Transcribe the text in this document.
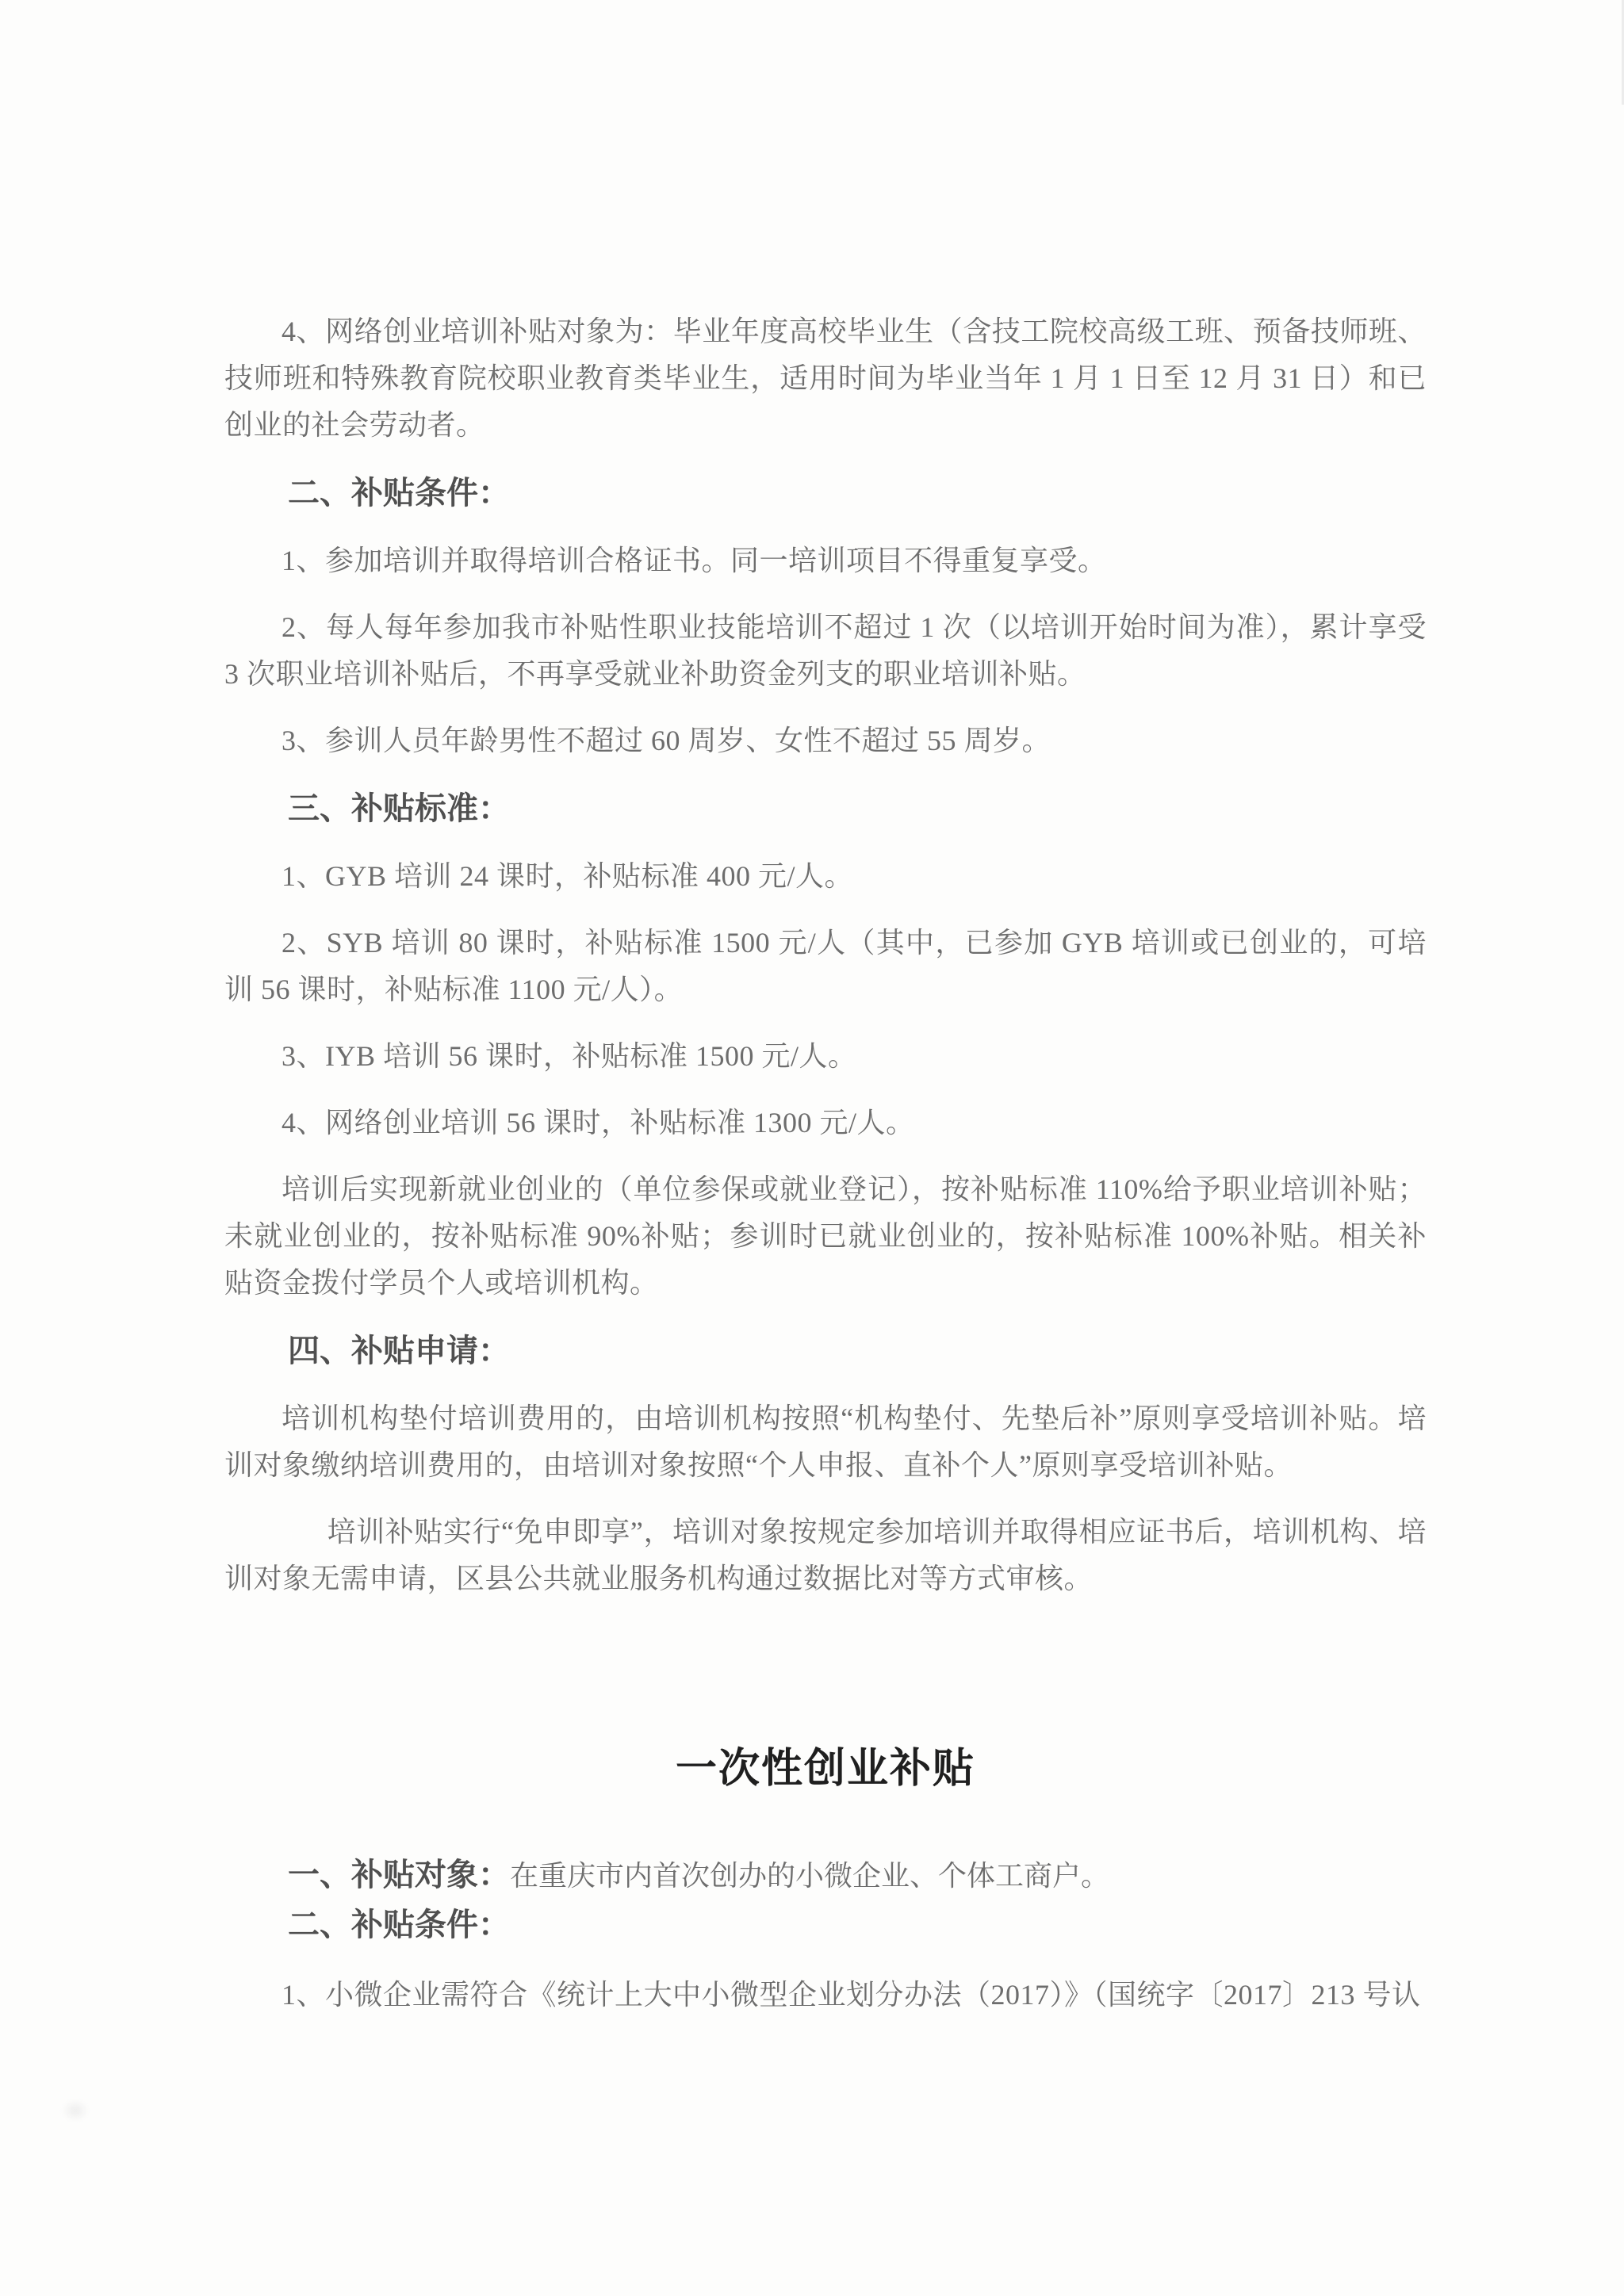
4、网络创业培训补贴对象为：毕业年度高校毕业生（含技工院校高级工班、预备技师班、技师班和特殊教育院校职业教育类毕业生，适用时间为毕业当年 1 月 1 日至 12 月 31 日）和已创业的社会劳动者。

二、补贴条件：

1、参加培训并取得培训合格证书。同一培训项目不得重复享受。

2、每人每年参加我市补贴性职业技能培训不超过 1 次（以培训开始时间为准），累计享受 3 次职业培训补贴后，不再享受就业补助资金列支的职业培训补贴。

3、参训人员年龄男性不超过 60 周岁、女性不超过 55 周岁。

三、补贴标准：

1、GYB 培训 24 课时，补贴标准 400 元/人。

2、SYB 培训 80 课时，补贴标准 1500 元/人（其中，已参加 GYB 培训或已创业的，可培训 56 课时，补贴标准 1100 元/人）。

3、IYB 培训 56 课时，补贴标准 1500 元/人。

4、网络创业培训 56 课时，补贴标准 1300 元/人。

培训后实现新就业创业的（单位参保或就业登记），按补贴标准 110%给予职业培训补贴；未就业创业的，按补贴标准 90%补贴；参训时已就业创业的，按补贴标准 100%补贴。相关补贴资金拨付学员个人或培训机构。

四、补贴申请：

培训机构垫付培训费用的，由培训机构按照“机构垫付、先垫后补”原则享受培训补贴。培训对象缴纳培训费用的，由培训对象按照“个人申报、直补个人”原则享受培训补贴。

培训补贴实行“免申即享”，培训对象按规定参加培训并取得相应证书后，培训机构、培训对象无需申请，区县公共就业服务机构通过数据比对等方式审核。

一次性创业补贴

一、补贴对象：在重庆市内首次创办的小微企业、个体工商户。

二、补贴条件：

1、小微企业需符合《统计上大中小微型企业划分办法（2017）》（国统字〔2017〕213 号认
